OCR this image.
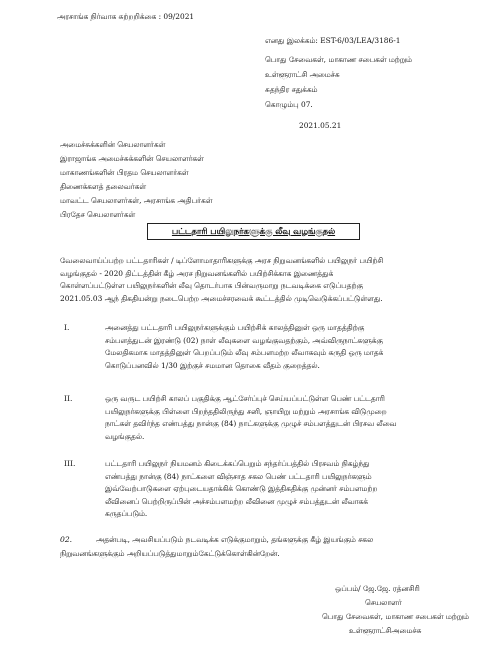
அரசாங்க நிர்வாக சுற்றறிக்கை : 09/2021
எனது இலக்கம்: EST-6/03/LEA/3186-1
பொது சேவைகள், மாகாண சபைகள் மற்றும்
உள்ளூராட்சி அமைச்சு
சுதந்திர சதுக்கம்
கொழும்பு 07.
2021.05.21
அமைச்சுக்களின் செயலாளர்கள்
இராஜாங்க அமைச்சுக்களின் செயலாளர்கள்
மாகாணங்களின் பிரதம செயலாளர்கள்
திணைக்களத் தலைவர்கள்
மாவட்ட செயலாளர்கள், அரசாங்க அதிபர்கள்
பிரதேச செயலாளர்கள்
பட்டதாரி பயிலுநர்களுக்கு லீவு வழங்குதல்
வேலைவாய்ப்பற்ற பட்டதாரிகள் / டிப்ளோமாதாரிகளுக்கு அரச நிறுவனங்களில் பயிலுநர் பயிற்சி
வழங்குதல் - 2020 திட்டத்தின் கீழ் அரச நிறுவனங்களில் பயிற்சிக்காக இணைத்துக்
கொள்ளப்பட்டுள்ள பயிலுநர்களின் லீவு தொடர்பாக பின்வருமாறு நடவடிக்கை எடுப்பதற்கு
2021.05.03 ஆந் திகதியன்று நடைபெற்ற அமைச்சரவைக் கூட்டத்தில் முடிவெடுக்கப்பட்டுள்ளது.
I.	அனைத்து பட்டதாரி பயிலுநர்களுக்கும் பயிற்சிக் காலத்தினுள் ஒரு மாதத்திற்கு
சம்பளத்துடன் இரண்டு (02) நாள் லீவுகளை வழங்குவதற்கும், அவ்விருநாட்களுக்கு
மேலதிகமாக மாதத்தினுள் பெறப்படும் லீவு சம்பளமற்ற லீவாகவும் கருதி ஒரு மாதக்
கொடுப்பனவில் 1/30 இற்குச் சமமான தொகை வீதம் குறைத்தல்.
II.	ஒரு வருட பயிற்சி காலப் பகுதிக்கு ஆட்சேர்ப்புச் செய்யப்பட்டுள்ள பெண் பட்டதாரி
பயிலுநர்களுக்கு பிள்ளை பிறந்ததிலிருந்து சனி, ஞாயிறு மற்றும் அரசாங்க விடுமுறை
நாட்கள் தவிர்ந்த எண்பத்து நான்கு (84) நாட்களுக்கு முழுச் சம்பளத்துடன் பிரசவ லீவை
வழங்குதல்.
III.	பட்டதாரி பயிலுநர் நியமனம் கிடைக்கப்பெறும் சந்தர்ப்பத்தில் பிரசவம் நிகழ்ந்து
எண்பத்து நான்கு (84) நாட்களை விஞ்சாத சகல பெண் பட்டதாரி பயிலுநர்களும்
இவ்வேற்பாடுகளை ஏற்புடையதாக்கிக் கொண்டு இத்திகதிக்கு முன்னர் சம்பளமற்ற
லீவினைப் பெற்றிருப்பின் அச்சம்பளமற்ற லீவினை முழுச் சம்பத்துடன் லீவாகக்
கருதப்படும்.
02.	அதன்படி, அவசியப்படும் நடவடிக்க எடுக்குமாறும், தங்களுக்கு கீழ் இயங்கும் சகல
நிறுவனங்களுக்கும் அறியப்படுத்துமாறும்கேட்டுக்கொள்கின்றேன்.
ஒப்பம்/ ஜே.ஜே. ரத்னசிரி
செயலாளர்
பொது சேவைகள், மாகாண சபைகள் மற்றும்
உள்ளூராட்சிஅமைச்சு
